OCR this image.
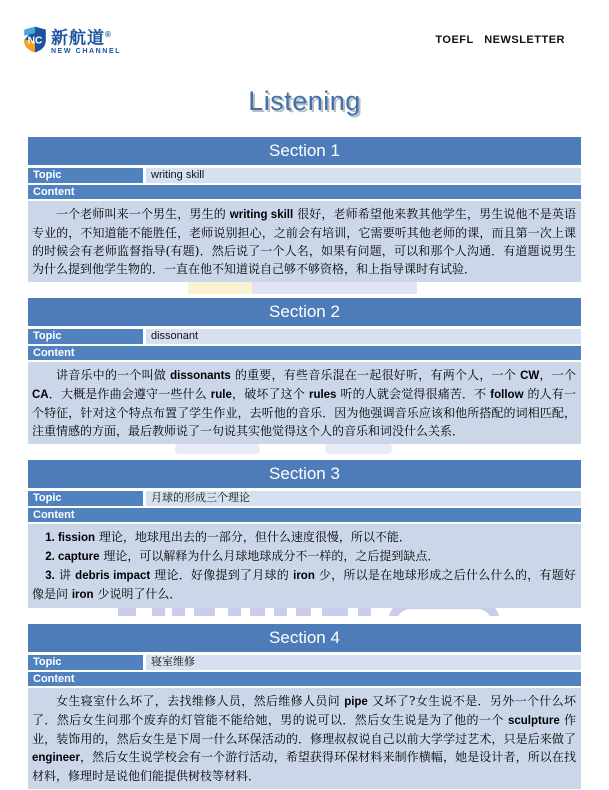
NC 新航道®
NEW CHANNEL
TOEFL   NEWSLETTER
Listening
Section 1
Topic	writing skill
Content

一个老师叫来一个男生，男生的 writing skill 很好，老师希望他来教其他学生，男生说他不是英语专业的，不知道能不能胜任，老师说别担心，之前会有培训，它需要听其他老师的课，而且第一次上课的时候会有老师监督指导(有题)．然后说了一个人名，如果有问题，可以和那个人沟通．有道题说男生为什么提到他学生物的．一直在他不知道说自己够不够资格，和上指导课时有试验．

Section 2
Topic	dissonant
Content

讲音乐中的一个叫做 dissonants 的重要，有些音乐混在一起很好听，有两个人，一个 CW，一个 CA．大概是作曲会遵守一些什么 rule，破坏了这个 rules 听的人就会觉得很痛苦．不 follow 的人有一个特征，针对这个特点布置了学生作业，去听他的音乐．因为他强调音乐应该和他所搭配的词相匹配，注重情感的方面，最后教师说了一句说其实他觉得这个人的音乐和词没什么关系．

Section 3
Topic	月球的形成三个理论
Content

1. fission 理论，地球甩出去的一部分，但什么速度很慢，所以不能．

2. capture 理论，可以解释为什么月球地球成分不一样的，之后提到缺点．

3. 讲 debris impact 理论．好像提到了月球的 iron 少，所以是在地球形成之后什么什么的，有题好像是问 iron 少说明了什么．

Section 4
Topic	寝室维修
Content

女生寝室什么坏了，去找维修人员，然后维修人员问 pipe 又坏了?女生说不是．另外一个什么坏了．然后女生问那个废弃的灯管能不能给她，男的说可以．然后女生说是为了他的一个 sculpture 作业，装饰用的，然后女生是下周一什么环保活动的．修理叔叔说自己以前大学学过艺术，只是后来做了 engineer，然后女生说学校会有一个游行活动，希望获得环保材料来制作横幅，她是设计者，所以在找材料，修理时是说他们能提供树枝等材料．
